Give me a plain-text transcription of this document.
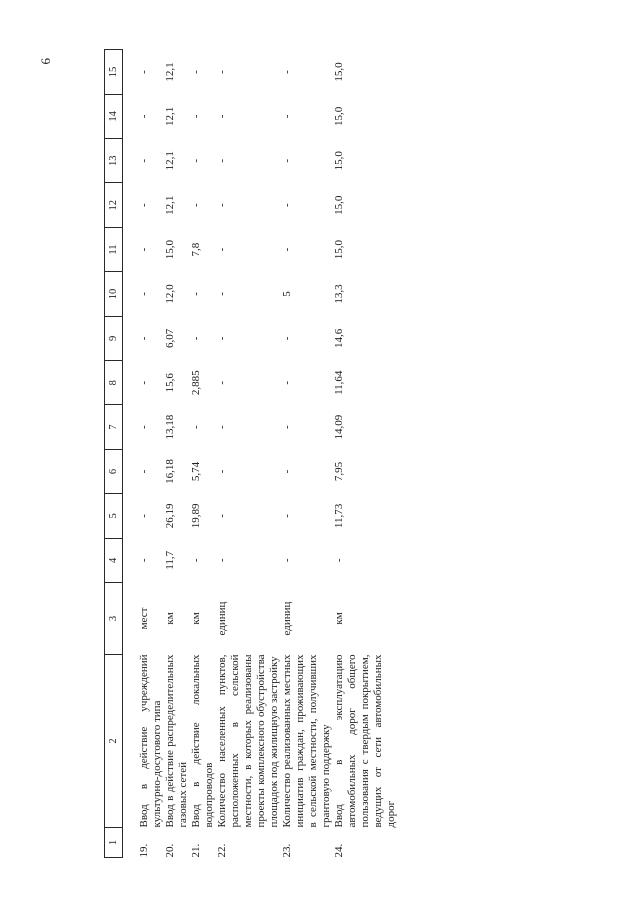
6
1	2	3	4	5	6	7	8	9	10	11	12	13	14	15
19.	Ввод в действие учреждений культурно-досугового типа	мест	-	-	-	-	-	-	-	-	-	-	-	-
20.	Ввод в действие распределительных газовых сетей	км	11,7	26,19	16,18	13,18	15,6	6,07	12,0	15,0	12,1	12,1	12,1	12,1
21.	Ввод в действие локальных водопроводов	км	-	19,89	5,74	-	2,885	-	-	7,8	-	-	-	-
22.	Количество населенных пунктов, расположенных в сельской местности, в которых реализованы проекты комплексного обустройства площадок под жилищную застройку	единиц	-	-	-	-	-	-	-	-	-	-	-	-
23.	Количество реализованных местных инициатив граждан, проживающих в сельской местности, получивших грантовую поддержку	единиц	-	-	-	-	-	-	5	-	-	-	-	-
24.	Ввод в эксплуатацию автомобильных дорог общего пользования с твердым покрытием, ведущих от сети автомобильных дорог	км	-	11,73	7,95	14,09	11,64	14,6	13,3	15,0	15,0	15,0	15,0	15,0
